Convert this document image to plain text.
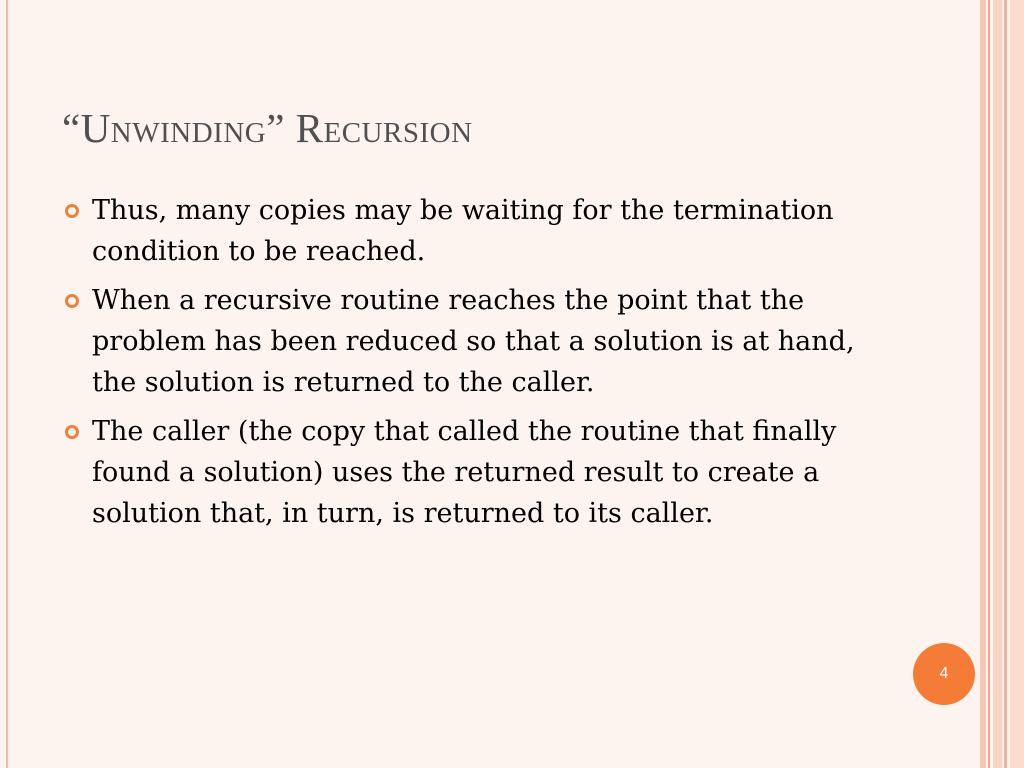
“Unwinding” Recursion
Thus, many copies may be waiting for the termination condition to be reached.
When a recursive routine reaches the point that the problem has been reduced so that a solution is at hand, the solution is returned to the caller.
The caller (the copy that called the routine that finally found a solution) uses the returned result to create a solution that, in turn, is returned to its caller.
4
